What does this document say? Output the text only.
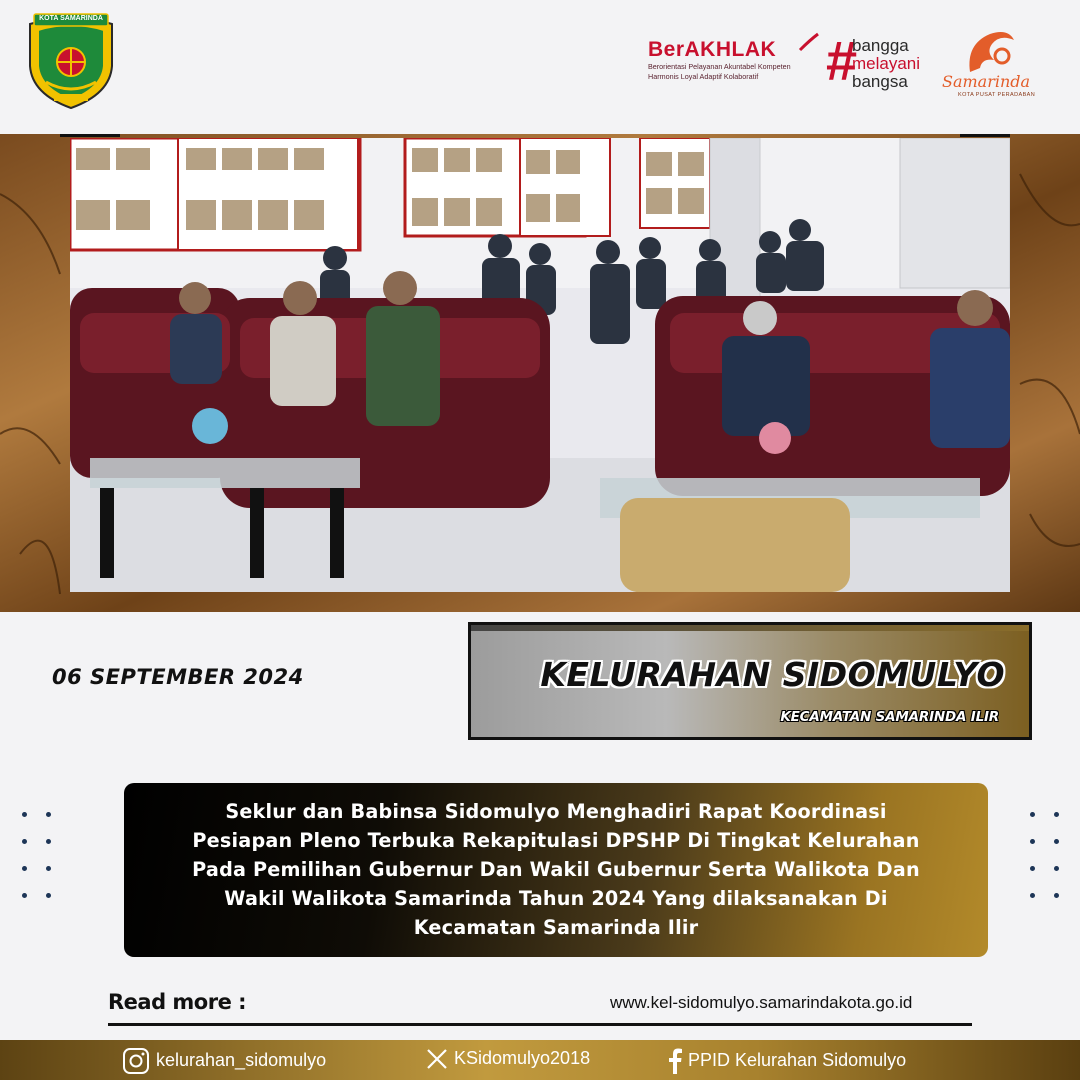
KOTA SAMARINDA
BerAKHLAK
Berorientasi Pelayanan Akuntabel Kompeten
Harmonis Loyal Adaptif Kolaboratif	#
bangga
melayani
bangsa	Samarinda
KOTA PUSAT PERADABAN
06 SEPTEMBER 2024	KELURAHAN SIDOMULYO
KECAMATAN SAMARINDA ILIR
Seklur dan Babinsa Sidomulyo Menghadiri Rapat Koordinasi
Pesiapan Pleno Terbuka Rekapitulasi DPSHP Di Tingkat Kelurahan
Pada Pemilihan Gubernur Dan Wakil Gubernur Serta Walikota Dan
Wakil Walikota Samarinda Tahun 2024 Yang dilaksanakan Di
Kecamatan Samarinda Ilir
Read more :	www.kel-sidomulyo.samarindakota.go.id
kelurahan_sidomulyo	KSidomulyo2018	PPID Kelurahan Sidomulyo
